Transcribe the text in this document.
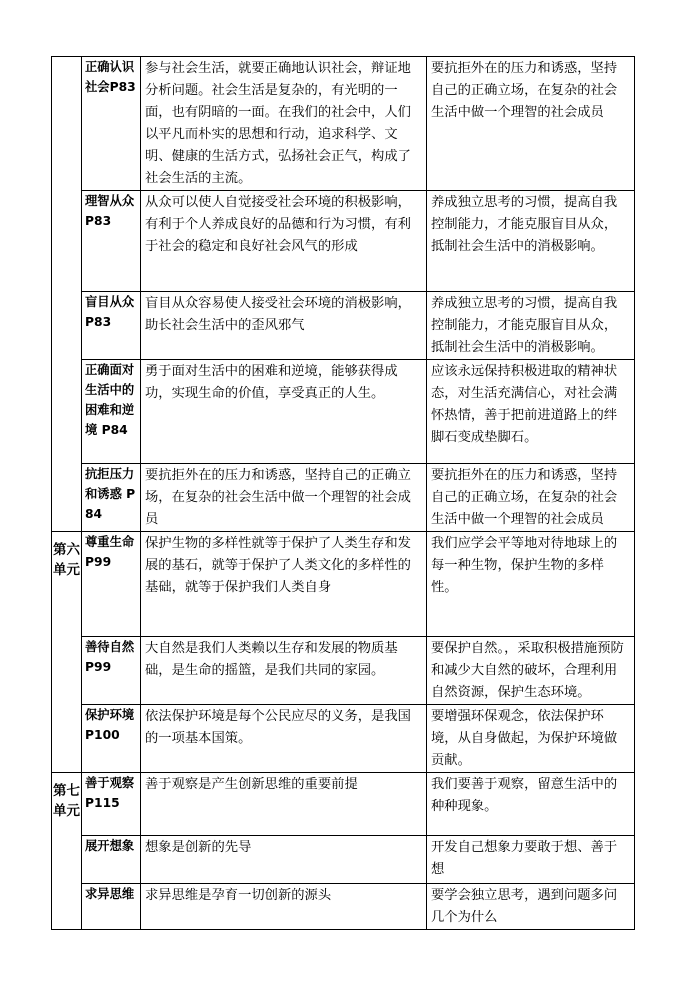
	正确认识社会P83	参与社会生活，就要正确地认识社会，辩证地分析问题。社会生活是复杂的，有光明的一面，也有阴暗的一面。在我们的社会中，人们以平凡而朴实的思想和行动，追求科学、文明、健康的生活方式，弘扬社会正气，构成了社会生活的主流。	要抗拒外在的压力和诱惑，坚持自己的正确立场，在复杂的社会生活中做一个理智的社会成员
	理智从众 P83	从众可以使人自觉接受社会环境的积极影响，有利于个人养成良好的品德和行为习惯，有利于社会的稳定和良好社会风气的形成	养成独立思考的习惯，提高自我控制能力，才能克服盲目从众，抵制社会生活中的消极影响。
	盲目从众 P83	盲目从众容易使人接受社会环境的消极影响，助长社会生活中的歪风邪气	养成独立思考的习惯，提高自我控制能力，才能克服盲目从众，抵制社会生活中的消极影响。
	正确面对生活中的困难和逆境 P84	勇于面对生活中的困难和逆境，能够获得成功，实现生命的价值，享受真正的人生。	应该永远保持积极进取的精神状态，对生活充满信心，对社会满怀热情，善于把前进道路上的绊脚石变成垫脚石。
	抗拒压力和诱惑 P84	要抗拒外在的压力和诱惑，坚持自己的正确立场，在复杂的社会生活中做一个理智的社会成员	要抗拒外在的压力和诱惑，坚持自己的正确立场，在复杂的社会生活中做一个理智的社会成员
第六单元	尊重生命 P99	保护生物的多样性就等于保护了人类生存和发展的基石，就等于保护了人类文化的多样性的基础，就等于保护我们人类自身	我们应学会平等地对待地球上的每一种生物，保护生物的多样性。
	善待自然P99	大自然是我们人类赖以生存和发展的物质基础，是生命的摇篮，是我们共同的家园。	要保护自然。，采取积极措施预防和减少大自然的破坏，合理利用自然资源，保护生态环境。
	保护环境 P100	依法保护环境是每个公民应尽的义务，是我国的一项基本国策。	要增强环保观念，依法保护环境，从自身做起，为保护环境做贡献。
第七单元	善于观察 P115	善于观察是产生创新思维的重要前提	我们要善于观察，留意生活中的种种现象。
	展开想象	想象是创新的先导	开发自己想象力要敢于想、善于想
	求异思维	求异思维是孕育一切创新的源头	要学会独立思考，遇到问题多问几个为什么
